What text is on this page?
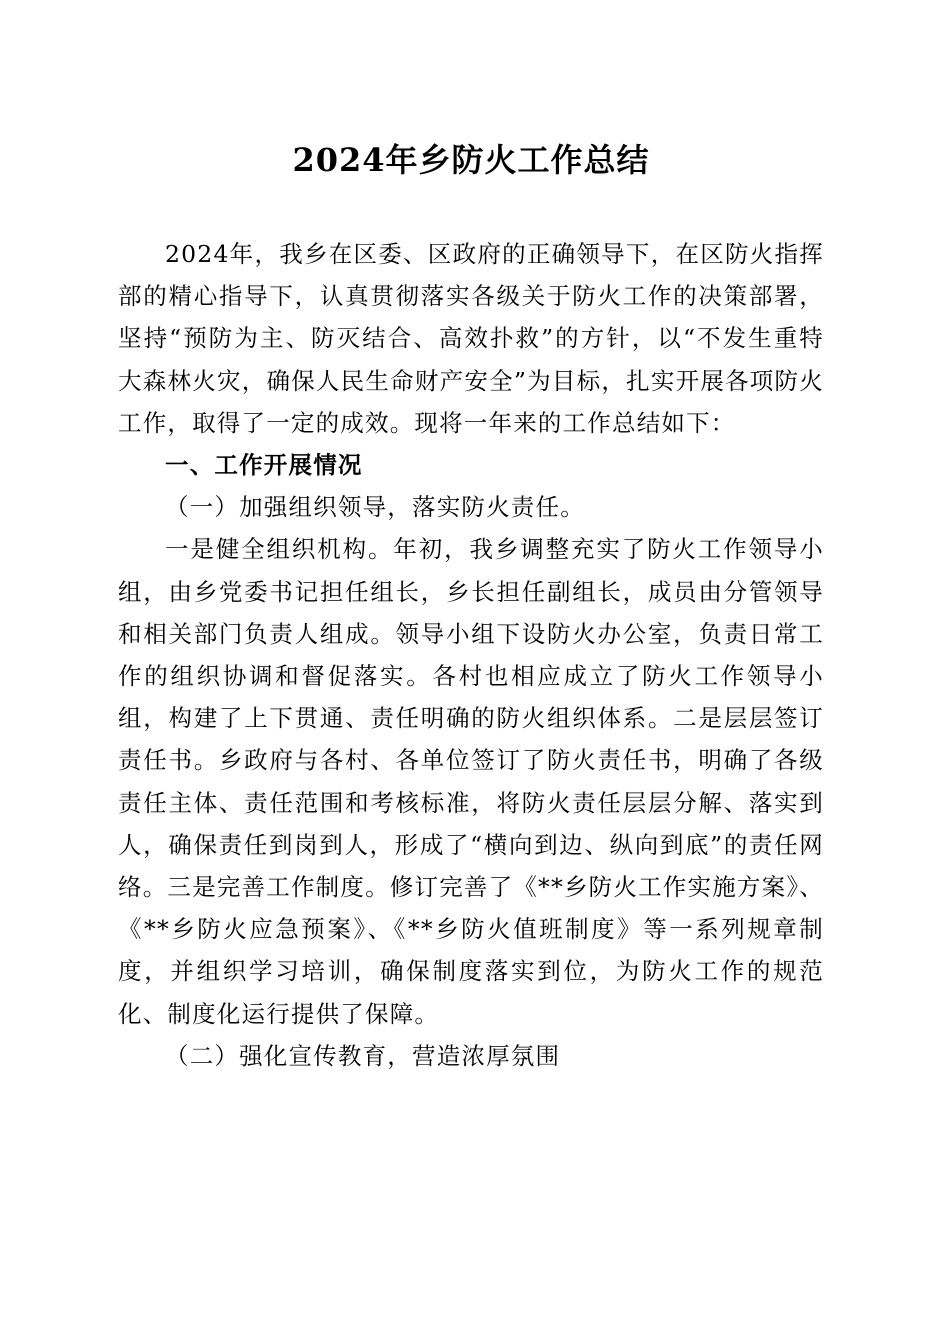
2024年乡防火工作总结

2024年，我乡在区委、区政府的正确领导下，在区防火指挥部的精心指导下，认真贯彻落实各级关于防火工作的决策部署，坚持“预防为主、防灭结合、高效扑救”的方针，以“不发生重特大森林火灾，确保人民生命财产安全”为目标，扎实开展各项防火工作，取得了一定的成效。现将一年来的工作总结如下：

一、工作开展情况

（一）加强组织领导，落实防火责任。

一是健全组织机构。年初，我乡调整充实了防火工作领导小组，由乡党委书记担任组长，乡长担任副组长，成员由分管领导和相关部门负责人组成。领导小组下设防火办公室，负责日常工作的组织协调和督促落实。各村也相应成立了防火工作领导小组，构建了上下贯通、责任明确的防火组织体系。二是层层签订责任书。乡政府与各村、各单位签订了防火责任书，明确了各级责任主体、责任范围和考核标准，将防火责任层层分解、落实到人，确保责任到岗到人，形成了“横向到边、纵向到底”的责任网络。三是完善工作制度。修订完善了《**乡防火工作实施方案》、《**乡防火应急预案》、《**乡防火值班制度》等一系列规章制度，并组织学习培训，确保制度落实到位，为防火工作的规范化、制度化运行提供了保障。

（二）强化宣传教育，营造浓厚氛围
